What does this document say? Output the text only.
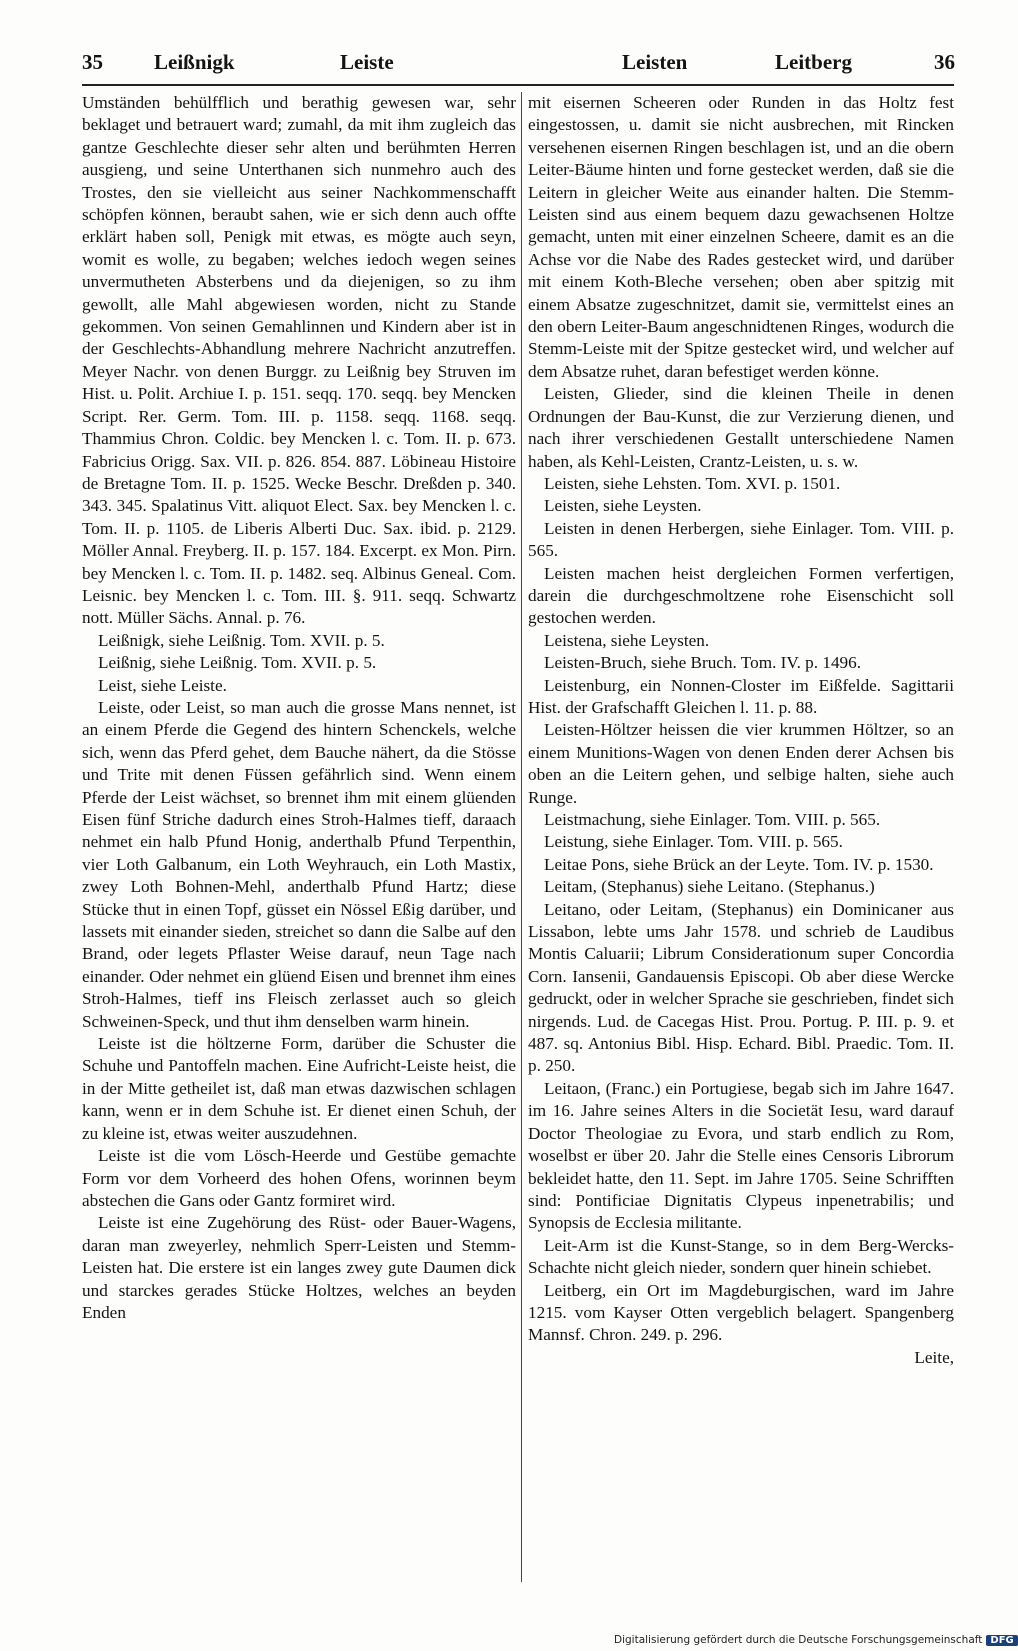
35 Leißnigk	Leiste	Leisten	Leitberg	36

Umständen behülfflich und berathig gewesen war, sehr beklaget und betrauert ward; zumahl, da mit ihm zugleich das gantze Geschlechte dieser sehr alten und berühmten Herren ausgieng, und seine Unterthanen sich nunmehro auch des Trostes, den sie vielleicht aus seiner Nachkommenschafft schöpfen können, beraubt sahen, wie er sich denn auch offte erklärt haben soll, Penigk mit etwas, es mögte auch seyn, womit es wolle, zu begaben; welches iedoch wegen seines unvermutheten Absterbens und da diejenigen, so zu ihm gewollt, alle Mahl abgewiesen worden, nicht zu Stande gekommen. Von seinen Gemahlinnen und Kindern aber ist in der Geschlechts-Abhandlung mehrere Nachricht anzutreffen. Meyer Nachr. von denen Burggr. zu Leißnig bey Struven im Hist. u. Polit. Archiue I. p. 151. seqq. 170. seqq. bey Mencken Script. Rer. Germ. Tom. III. p. 1158. seqq. 1168. seqq. Thammius Chron. Coldic. bey Mencken l. c. Tom. II. p. 673. Fabricius Origg. Sax. VII. p. 826. 854. 887. Löbineau Histoire de Bretagne Tom. II. p. 1525. Wecke Beschr. Dreßden p. 340. 343. 345. Spalatinus Vitt. aliquot Elect. Sax. bey Mencken l. c. Tom. II. p. 1105. de Liberis Alberti Duc. Sax. ibid. p. 2129. Möller Annal. Freyberg. II. p. 157. 184. Excerpt. ex Mon. Pirn. bey Mencken l. c. Tom. II. p. 1482. seq. Albinus Geneal. Com. Leisnic. bey Mencken l. c. Tom. III. §. 911. seqq. Schwartz nott. Müller Sächs. Annal. p. 76.

Leißnigk, siehe Leißnig. Tom. XVII. p. 5.

Leißnig, siehe Leißnig. Tom. XVII. p. 5.

Leist, siehe Leiste.

Leiste, oder Leist, so man auch die grosse Mans nennet, ist an einem Pferde die Gegend des hintern Schenckels, welche sich, wenn das Pferd gehet, dem Bauche nähert, da die Stösse und Trite mit denen Füssen gefährlich sind. Wenn einem Pferde der Leist wächset, so brennet ihm mit einem glüenden Eisen fünf Striche dadurch eines Stroh-Halmes tieff, daraach nehmet ein halb Pfund Honig, anderthalb Pfund Terpenthin, vier Loth Galbanum, ein Loth Weyhrauch, ein Loth Mastix, zwey Loth Bohnen-Mehl, anderthalb Pfund Hartz; diese Stücke thut in einen Topf, güsset ein Nössel Eßig darüber, und lassets mit einander sieden, streichet so dann die Salbe auf den Brand, oder legets Pflaster Weise darauf, neun Tage nach einander. Oder nehmet ein glüend Eisen und brennet ihm eines Stroh-Halmes, tieff ins Fleisch zerlasset auch so gleich Schweinen-Speck, und thut ihm denselben warm hinein.

Leiste ist die höltzerne Form, darüber die Schuster die Schuhe und Pantoffeln machen. Eine Aufricht-Leiste heist, die in der Mitte getheilet ist, daß man etwas dazwischen schlagen kann, wenn er in dem Schuhe ist. Er dienet einen Schuh, der zu kleine ist, etwas weiter auszudehnen.

Leiste ist die vom Lösch-Heerde und Gestübe gemachte Form vor dem Vorheerd des hohen Ofens, worinnen beym abstechen die Gans oder Gantz formiret wird.

Leiste ist eine Zugehörung des Rüst- oder Bauer-Wagens, daran man zweyerley, nehmlich Sperr-Leisten und Stemm-Leisten hat. Die erstere ist ein langes zwey gute Daumen dick und starckes gerades Stücke Holtzes, welches an beyden Enden

mit eisernen Scheeren oder Runden in das Holtz fest eingestossen, u. damit sie nicht ausbrechen, mit Rincken versehenen eisernen Ringen beschlagen ist, und an die obern Leiter-Bäume hinten und forne gestecket werden, daß sie die Leitern in gleicher Weite aus einander halten. Die Stemm-Leisten sind aus einem bequem dazu gewachsenen Holtze gemacht, unten mit einer einzelnen Scheere, damit es an die Achse vor die Nabe des Rades gestecket wird, und darüber mit einem Koth-Bleche versehen; oben aber spitzig mit einem Absatze zugeschnitzet, damit sie, vermittelst eines an den obern Leiter-Baum angeschnidtenen Ringes, wodurch die Stemm-Leiste mit der Spitze gestecket wird, und welcher auf dem Absatze ruhet, daran befestiget werden könne.

Leisten, Glieder, sind die kleinen Theile in denen Ordnungen der Bau-Kunst, die zur Verzierung dienen, und nach ihrer verschiedenen Gestallt unterschiedene Namen haben, als Kehl-Leisten, Crantz-Leisten, u. s. w.

Leisten, siehe Lehsten. Tom. XVI. p. 1501.

Leisten, siehe Leysten.

Leisten in denen Herbergen, siehe Einlager. Tom. VIII. p. 565.

Leisten machen heist dergleichen Formen verfertigen, darein die durchgeschmoltzene rohe Eisenschicht soll gestochen werden.

Leistena, siehe Leysten.

Leisten-Bruch, siehe Bruch. Tom. IV. p. 1496.

Leistenburg, ein Nonnen-Closter im Eißfelde. Sagittarii Hist. der Grafschafft Gleichen l. 11. p. 88.

Leisten-Höltzer heissen die vier krummen Höltzer, so an einem Munitions-Wagen von denen Enden derer Achsen bis oben an die Leitern gehen, und selbige halten, siehe auch Runge.

Leistmachung, siehe Einlager. Tom. VIII. p. 565.

Leistung, siehe Einlager. Tom. VIII. p. 565.

Leitae Pons, siehe Brück an der Leyte. Tom. IV. p. 1530.

Leitam, (Stephanus) siehe Leitano. (Stephanus.)

Leitano, oder Leitam, (Stephanus) ein Dominicaner aus Lissabon, lebte ums Jahr 1578. und schrieb de Laudibus Montis Caluarii; Librum Considerationum super Concordia Corn. Iansenii, Gandauensis Episcopi. Ob aber diese Wercke gedruckt, oder in welcher Sprache sie geschrieben, findet sich nirgends. Lud. de Cacegas Hist. Prou. Portug. P. III. p. 9. et 487. sq. Antonius Bibl. Hisp. Echard. Bibl. Praedic. Tom. II. p. 250.

Leitaon, (Franc.) ein Portugiese, begab sich im Jahre 1647. im 16. Jahre seines Alters in die Societät Iesu, ward darauf Doctor Theologiae zu Evora, und starb endlich zu Rom, woselbst er über 20. Jahr die Stelle eines Censoris Librorum bekleidet hatte, den 11. Sept. im Jahre 1705. Seine Schrifften sind: Pontificiae Dignitatis Clypeus inpenetrabilis; und Synopsis de Ecclesia militante.

Leit-Arm ist die Kunst-Stange, so in dem Berg-Wercks-Schachte nicht gleich nieder, sondern quer hinein schiebet.

Leitberg, ein Ort im Magdeburgischen, ward im Jahre 1215. vom Kayser Otten vergeblich belagert. Spangenberg Mannsf. Chron. 249. p. 296.

Leite,

Digitalisierung gefördert durch die Deutsche Forschungsgemeinschaft DFG
